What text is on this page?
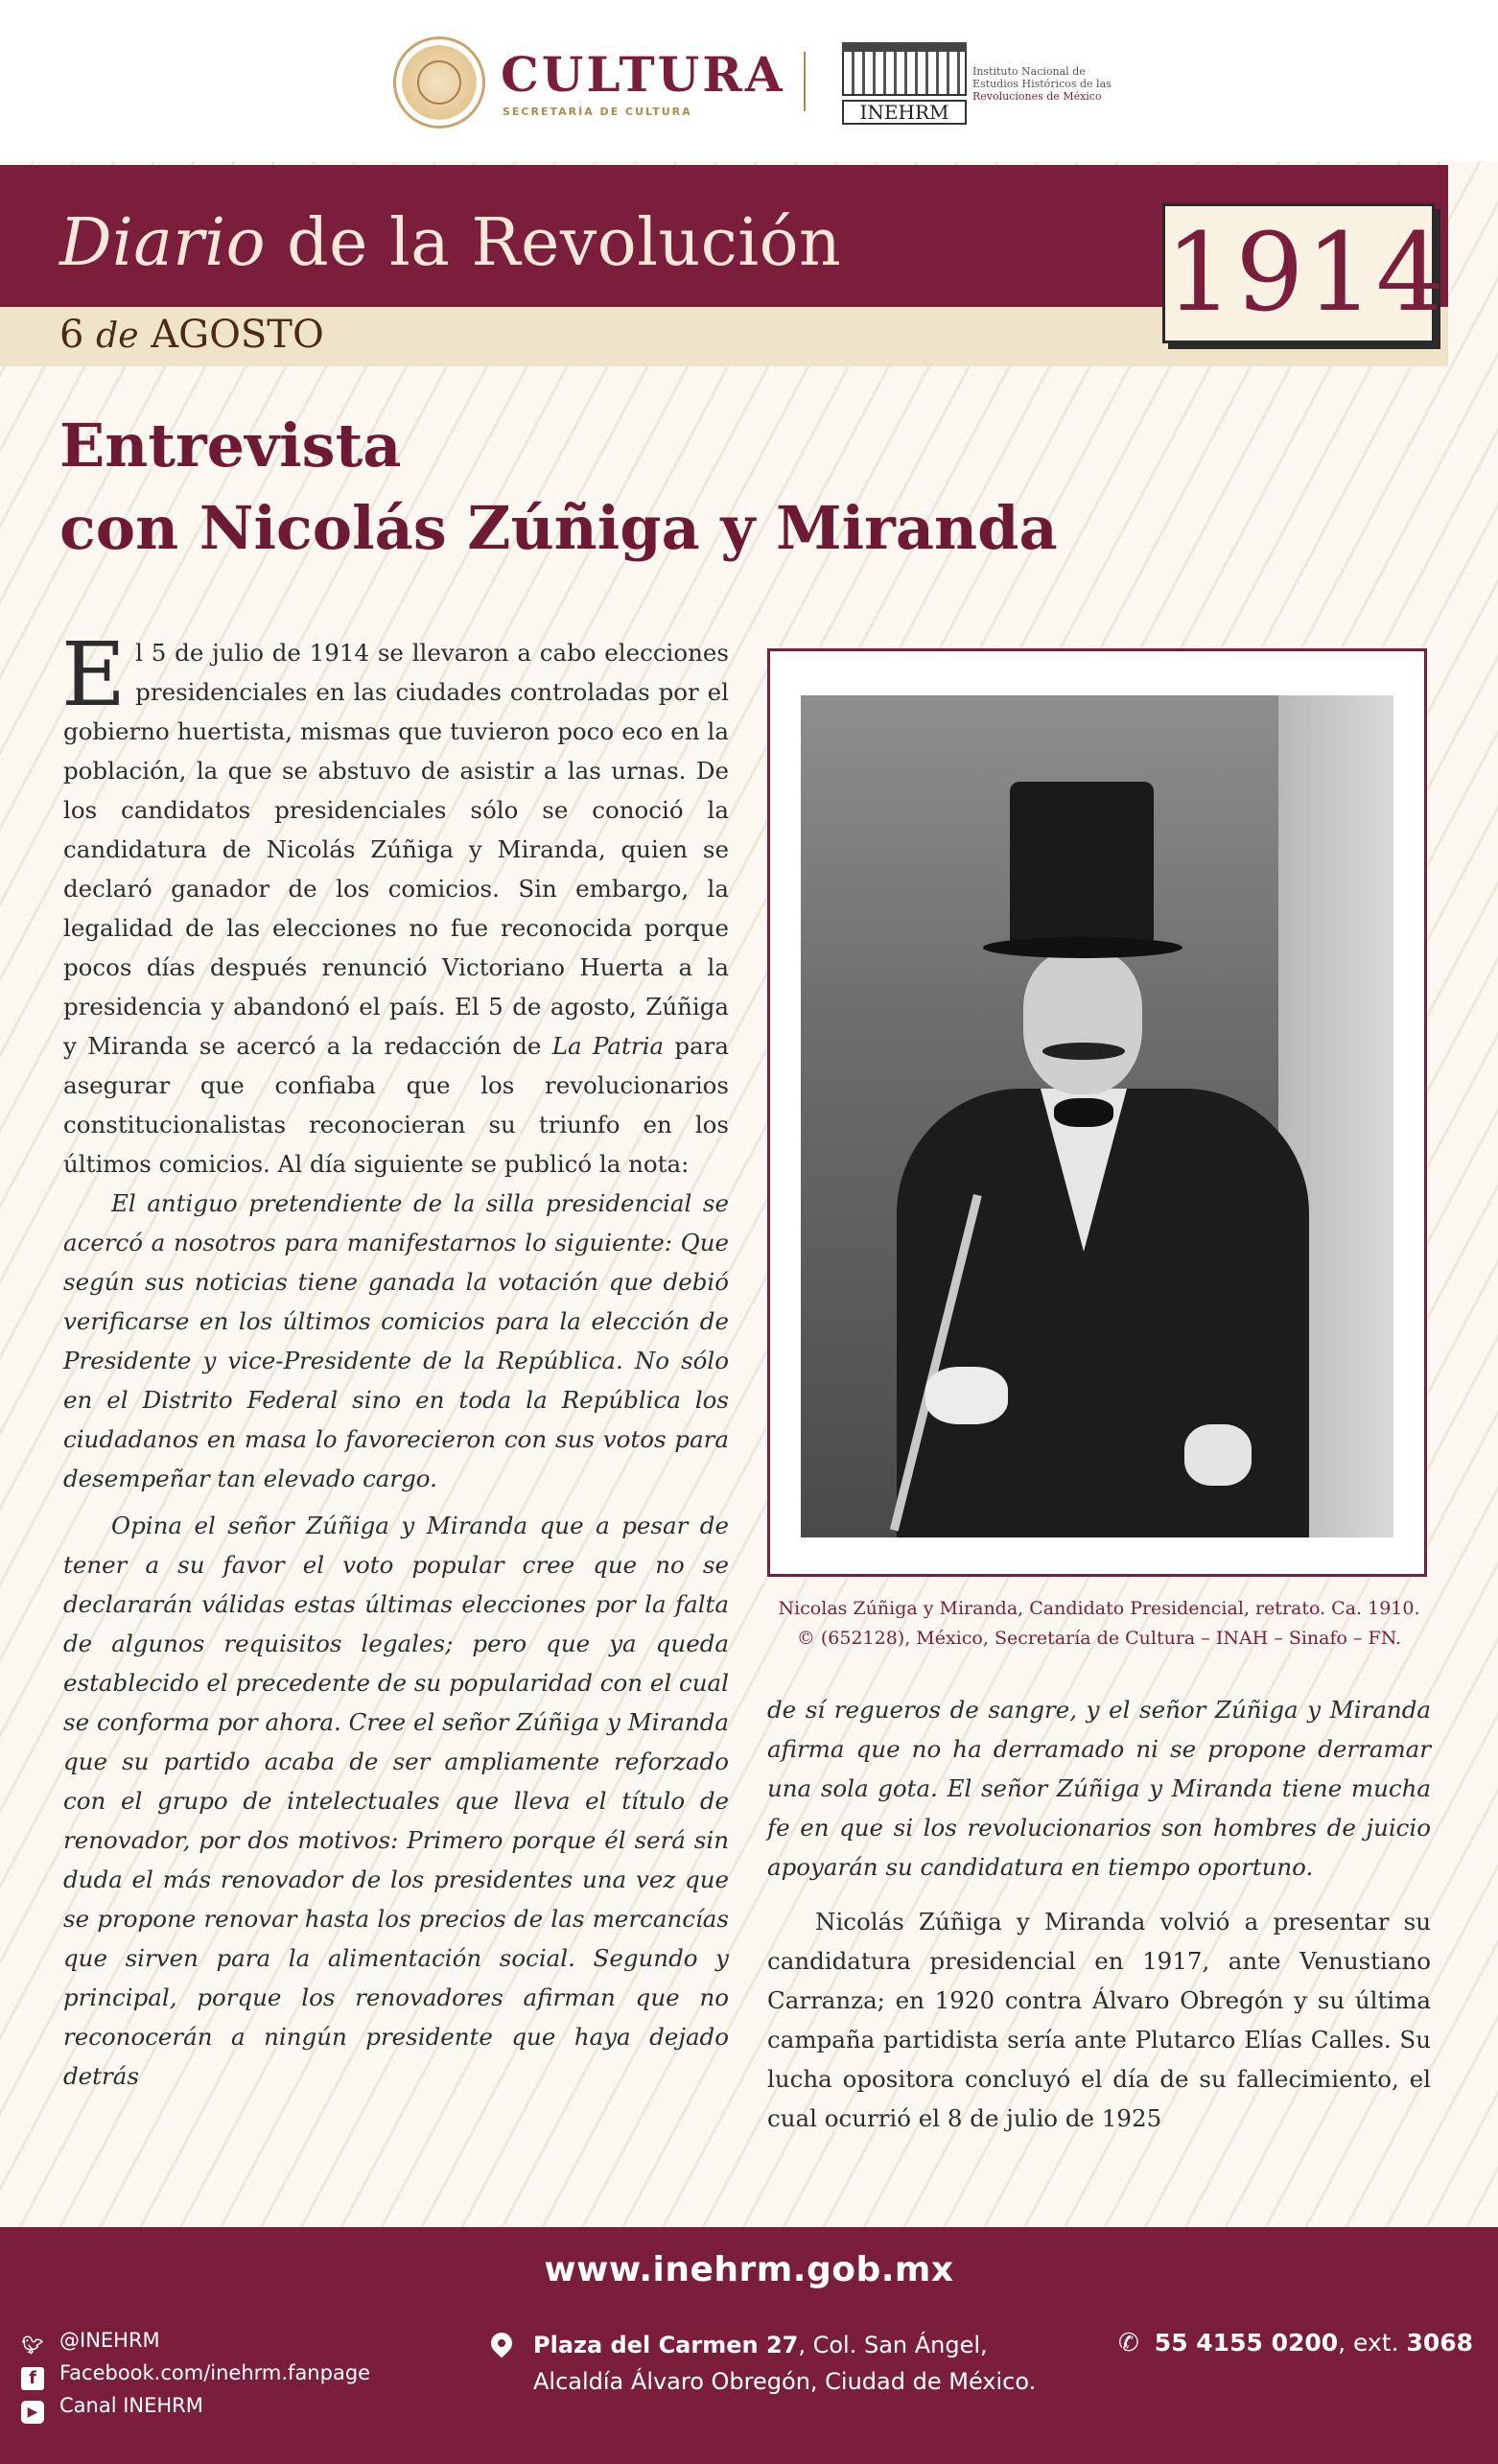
CULTURA
SECRETARÍA DE CULTURA	INEHRM
Instituto Nacional de
Estudios Históricos de las
Revoluciones de México
Diario de la Revolución
6 de AGOSTO	1914
Entrevista
con Nicolás Zúñiga y Miranda

El 5 de julio de 1914 se llevaron a cabo elecciones presidenciales en las ciudades controladas por el gobierno huertista, mismas que tuvieron poco eco en la población, la que se abstuvo de asistir a las urnas. De los candidatos presidenciales sólo se conoció la candidatura de Nicolás Zúñiga y Miranda, quien se declaró ganador de los comicios. Sin embargo, la legalidad de las elecciones no fue reconocida porque pocos días después renunció Victoriano Huerta a la presidencia y abandonó el país. El 5 de agosto, Zúñiga y Miranda se acercó a la redacción de La Patria para asegurar que confiaba que los revolucionarios constitucionalistas reconocieran su triunfo en los últimos comicios. Al día siguiente se publicó la nota:

El antiguo pretendiente de la silla presidencial se acercó a nosotros para manifestarnos lo siguiente: Que según sus noticias tiene ganada la votación que debió verificarse en los últimos comicios para la elección de Presidente y vice-Presidente de la República. No sólo en el Distrito Federal sino en toda la República los ciudadanos en masa lo favorecieron con sus votos para desempeñar tan elevado cargo.

Opina el señor Zúñiga y Miranda que a pesar de tener a su favor el voto popular cree que no se declararán válidas estas últimas elecciones por la falta de algunos requisitos legales; pero que ya queda establecido el precedente de su popularidad con el cual se conforma por ahora. Cree el señor Zúñiga y Miranda que su partido acaba de ser ampliamente reforzado con el grupo de intelectuales que lleva el título de renovador, por dos motivos: Primero porque él será sin duda el más renovador de los presidentes una vez que se propone renovar hasta los precios de las mercancías que sirven para la alimentación social. Segundo y principal, porque los renovadores afirman que no reconocerán a ningún presidente que haya dejado detrás

Nicolas Zúñiga y Miranda, Candidato Presidencial, retrato. Ca. 1910.
© (652128), México, Secretaría de Cultura – INAH – Sinafo – FN.

de sí regueros de sangre, y el señor Zúñiga y Miranda afirma que no ha derramado ni se propone derramar una sola gota. El señor Zúñiga y Miranda tiene mucha fe en que si los revolucionarios son hombres de juicio apoyarán su candidatura en tiempo oportuno.

Nicolás Zúñiga y Miranda volvió a presentar su candidatura presidencial en 1917, ante Venustiano Carranza; en 1920 contra Álvaro Obregón y su última campaña partidista sería ante Plutarco Elías Calles. Su lucha opositora concluyó el día de su fallecimiento, el cual ocurrió el 8 de julio de 1925

www.inehrm.gob.mx
🐦︎ @INEHRM
f Facebook.com/inehrm.fanpage
▶ Canal INEHRM
Plaza del Carmen 27, Col. San Ángel,
Alcaldía Álvaro Obregón, Ciudad de México.
✆ 55 4155 0200, ext. 3068
